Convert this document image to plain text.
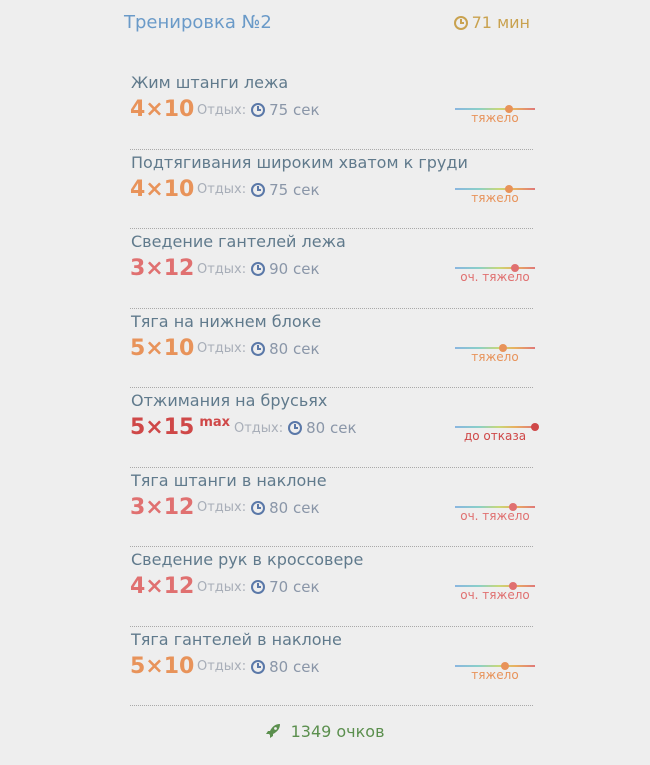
Тренировка №2	71 мин
Жим штанги лежа
4×10 Отдых: 75 сек	тяжело
Подтягивания широким хватом к груди
4×10 Отдых: 75 сек	тяжело
Сведение гантелей лежа
3×12 Отдых: 90 сек	оч. тяжело
Тяга на нижнем блоке
5×10 Отдых: 80 сек	тяжело
Отжимания на брусьях
5×15 $^{max}$ Отдых: 80 сек	до отказа
Тяга штанги в наклоне
3×12 Отдых: 80 сек	оч. тяжело
Сведение рук в кроссовере
4×12 Отдых: 70 сек	оч. тяжело
Тяга гантелей в наклоне
5×10 Отдых: 80 сек	тяжело
1349 очков
